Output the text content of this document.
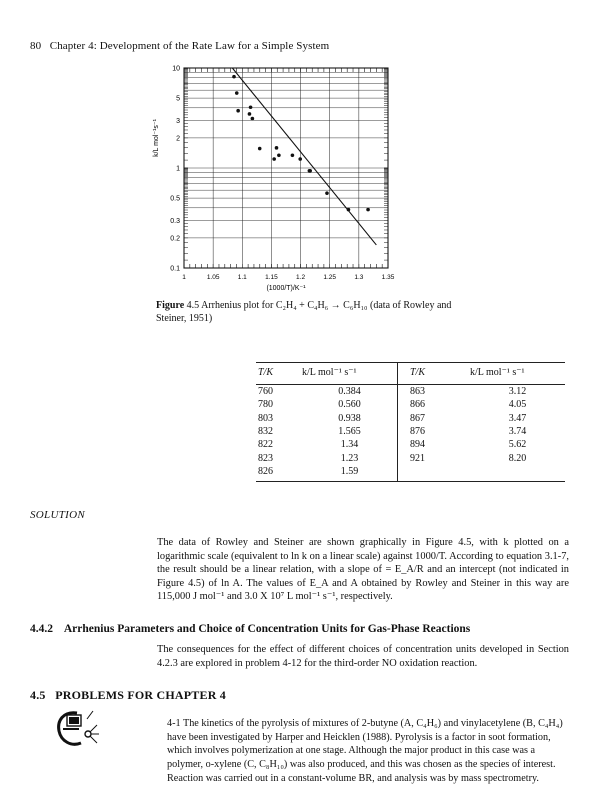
80 Chapter 4: Development of the Rate Law for a Simple System
1	1.05	1.1	1.15	1.2	1.25	1.3	1.35
0.1
0.2
0.3
0.5
1
2
3
5
10
(1000/T)/K⁻¹
k/L mol⁻¹s⁻¹
Figure 4.5 Arrhenius plot for C₂H₄ + C₄H₆ → C₆H₁₀ (data of Rowley and Steiner, 1951)
T/K	k/L mol⁻¹ s⁻¹	T/K	k/L mol⁻¹ s⁻¹
760	0.384	863	3.12
780	0.560	866	4.05
803	0.938	867	3.47
832	1.565	876	3.74
822	1.34	894	5.62
823	1.23	921	8.20
826	1.59		
SOLUTION
The data of Rowley and Steiner are shown graphically in Figure 4.5, with k plotted on a logarithmic scale (equivalent to ln k on a linear scale) against 1000/T. According to equation 3.1-7, the result should be a linear relation, with a slope of = E_A/R and an intercept (not indicated in Figure 4.5) of ln A. The values of E_A and A obtained by Rowley and Steiner in this way are 115,000 J mol⁻¹ and 3.0 X 10⁷ L mol⁻¹ s⁻¹, respectively.
4.4.2 Arrhenius Parameters and Choice of Concentration Units for Gas-Phase Reactions
The consequences for the effect of different choices of concentration units developed in Section 4.2.3 are explored in problem 4-12 for the third-order NO oxidation reaction.
4.5 PROBLEMS FOR CHAPTER 4
4-1 The kinetics of the pyrolysis of mixtures of 2-butyne (A, C₄H₆) and vinylacetylene (B, C₄H₄) have been investigated by Harper and Heicklen (1988). Pyrolysis is a factor in soot formation, which involves polymerization at one stage. Although the major product in this case was a polymer, o-xylene (C, C₈H₁₀) was also produced, and this was chosen as the species of interest. Reaction was carried out in a constant-volume BR, and analysis was by mass spectrometry.
